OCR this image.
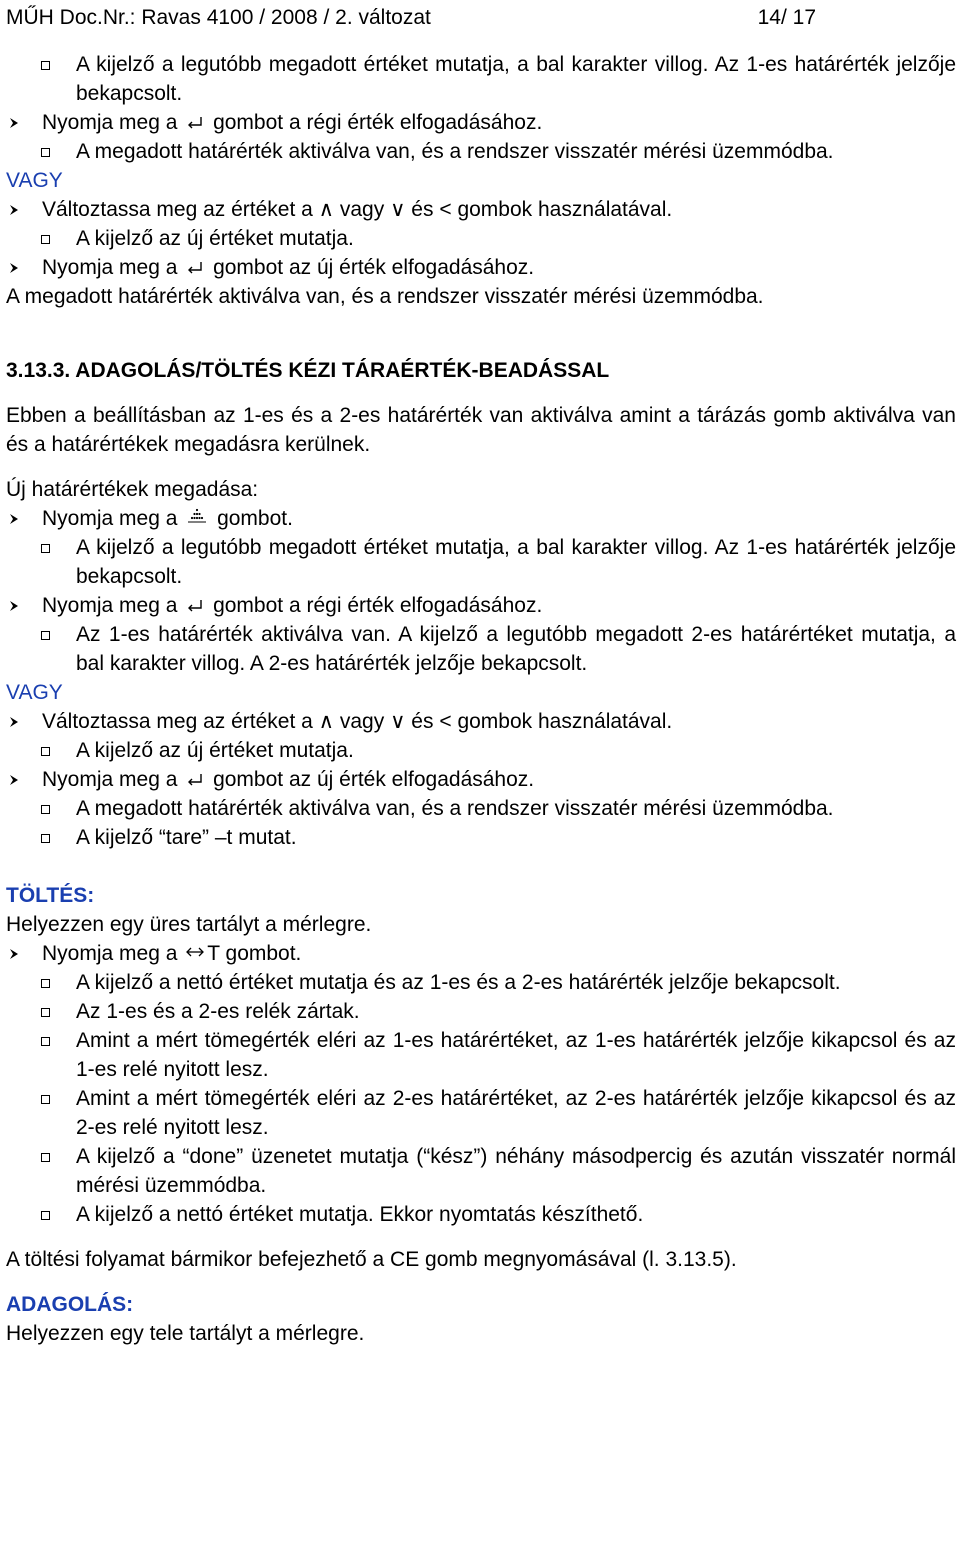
MŰH Doc.Nr.: Ravas 4100 / 2008 / 2. változat	14/ 17
A kijelző a legutóbb megadott értéket mutatja, a bal karakter villog. Az 1-es határérték jelzője bekapcsolt.
Nyomja meg a gombot a régi érték elfogadásához.
A megadott határérték aktiválva van, és a rendszer visszatér mérési üzemmódba.
VAGY
Változtassa meg az értéket a ∧ vagy ∨ és < gombok használatával.
A kijelző az új értéket mutatja.
Nyomja meg a gombot az új érték elfogadásához.
A megadott határérték aktiválva van, és a rendszer visszatér mérési üzemmódba.
3.13.3. ADAGOLÁS/TÖLTÉS KÉZI TÁRAÉRTÉK-BEADÁSSAL
Ebben a beállításban az 1-es és a 2-es határérték van aktiválva amint a tárázás gomb aktiválva van és a határértékek megadásra kerülnek.
Új határértékek megadása:
Nyomja meg a gombot.
A kijelző a legutóbb megadott értéket mutatja, a bal karakter villog. Az 1-es határérték jelzője bekapcsolt.
Nyomja meg a gombot a régi érték elfogadásához.
Az 1-es határérték aktiválva van. A kijelző a legutóbb megadott 2-es határértéket mutatja, a bal karakter villog. A 2-es határérték jelzője bekapcsolt.
VAGY
Változtassa meg az értéket a ∧ vagy ∨ és < gombok használatával.
A kijelző az új értéket mutatja.
Nyomja meg a gombot az új érték elfogadásához.
A megadott határérték aktiválva van, és a rendszer visszatér mérési üzemmódba.
A kijelző “tare” –t mutat.
TÖLTÉS:
Helyezzen egy üres tartályt a mérlegre.
Nyomja meg a T gombot.
A kijelző a nettó értéket mutatja és az 1-es és a 2-es határérték jelzője bekapcsolt.
Az 1-es és a 2-es relék zártak.
Amint a mért tömegérték eléri az 1-es határértéket, az 1-es határérték jelzője kikapcsol és az 1-es relé nyitott lesz.
Amint a mért tömegérték eléri az 2-es határértéket, az 2-es határérték jelzője kikapcsol és az 2-es relé nyitott lesz.
A kijelző a “done” üzenetet mutatja (“kész”) néhány másodpercig és azután visszatér normál mérési üzemmódba.
A kijelző a nettó értéket mutatja. Ekkor nyomtatás készíthető.
A töltési folyamat bármikor befejezhető a CE gomb megnyomásával (l. 3.13.5).
ADAGOLÁS:
Helyezzen egy tele tartályt a mérlegre.
